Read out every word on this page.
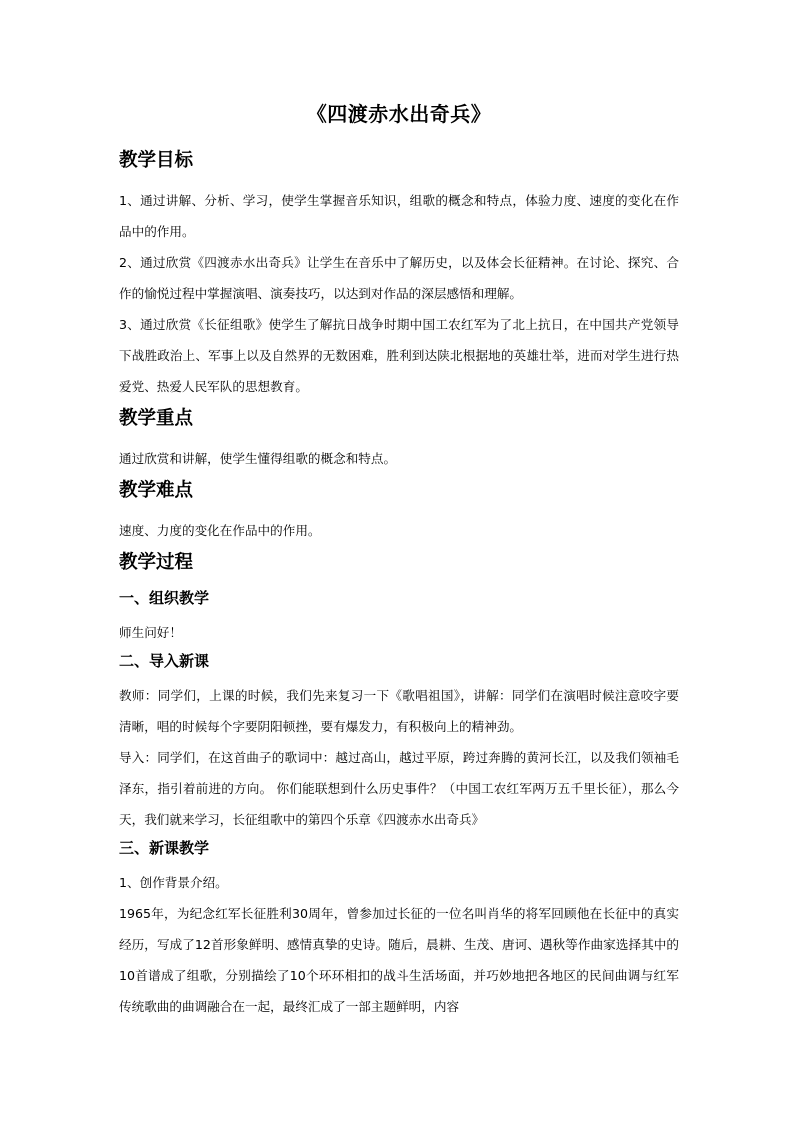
《四渡赤水出奇兵》
教学目标

1、通过讲解、分析、学习，使学生掌握音乐知识，组歌的概念和特点，体验力度、速度的变化在作品中的作用。

2、通过欣赏《四渡赤水出奇兵》让学生在音乐中了解历史，以及体会长征精神。在讨论、探究、合作的愉悦过程中掌握演唱、演奏技巧，以达到对作品的深层感悟和理解。

3、通过欣赏《长征组歌》使学生了解抗日战争时期中国工农红军为了北上抗日，在中国共产党领导下战胜政治上、军事上以及自然界的无数困难，胜利到达陕北根据地的英雄壮举，进而对学生进行热爱党、热爱人民军队的思想教育。

教学重点

通过欣赏和讲解，使学生懂得组歌的概念和特点。

教学难点

速度、力度的变化在作品中的作用。

教学过程
一、组织教学

师生问好！

二、导入新课

教师：同学们，上课的时候，我们先来复习一下《歌唱祖国》，讲解：同学们在演唱时候注意咬字要清晰，唱的时候每个字要阴阳顿挫，要有爆发力，有积极向上的精神劲。

导入：同学们，在这首曲子的歌词中：越过高山，越过平原，跨过奔腾的黄河长江，以及我们领袖毛泽东，指引着前进的方向。 你们能联想到什么历史事件？（中国工农红军两万五千里长征），那么今天，我们就来学习，长征组歌中的第四个乐章《四渡赤水出奇兵》

三、新课教学

1、创作背景介绍。

1965年，为纪念红军长征胜利30周年，曾参加过长征的一位名叫肖华的将军回顾他在长征中的真实经历，写成了12首形象鲜明、感情真挚的史诗。随后，晨耕、生茂、唐诃、遇秋等作曲家选择其中的10首谱成了组歌，分别描绘了10个环环相扣的战斗生活场面，并巧妙地把各地区的民间曲调与红军传统歌曲的曲调融合在一起，最终汇成了一部主题鲜明，内容
